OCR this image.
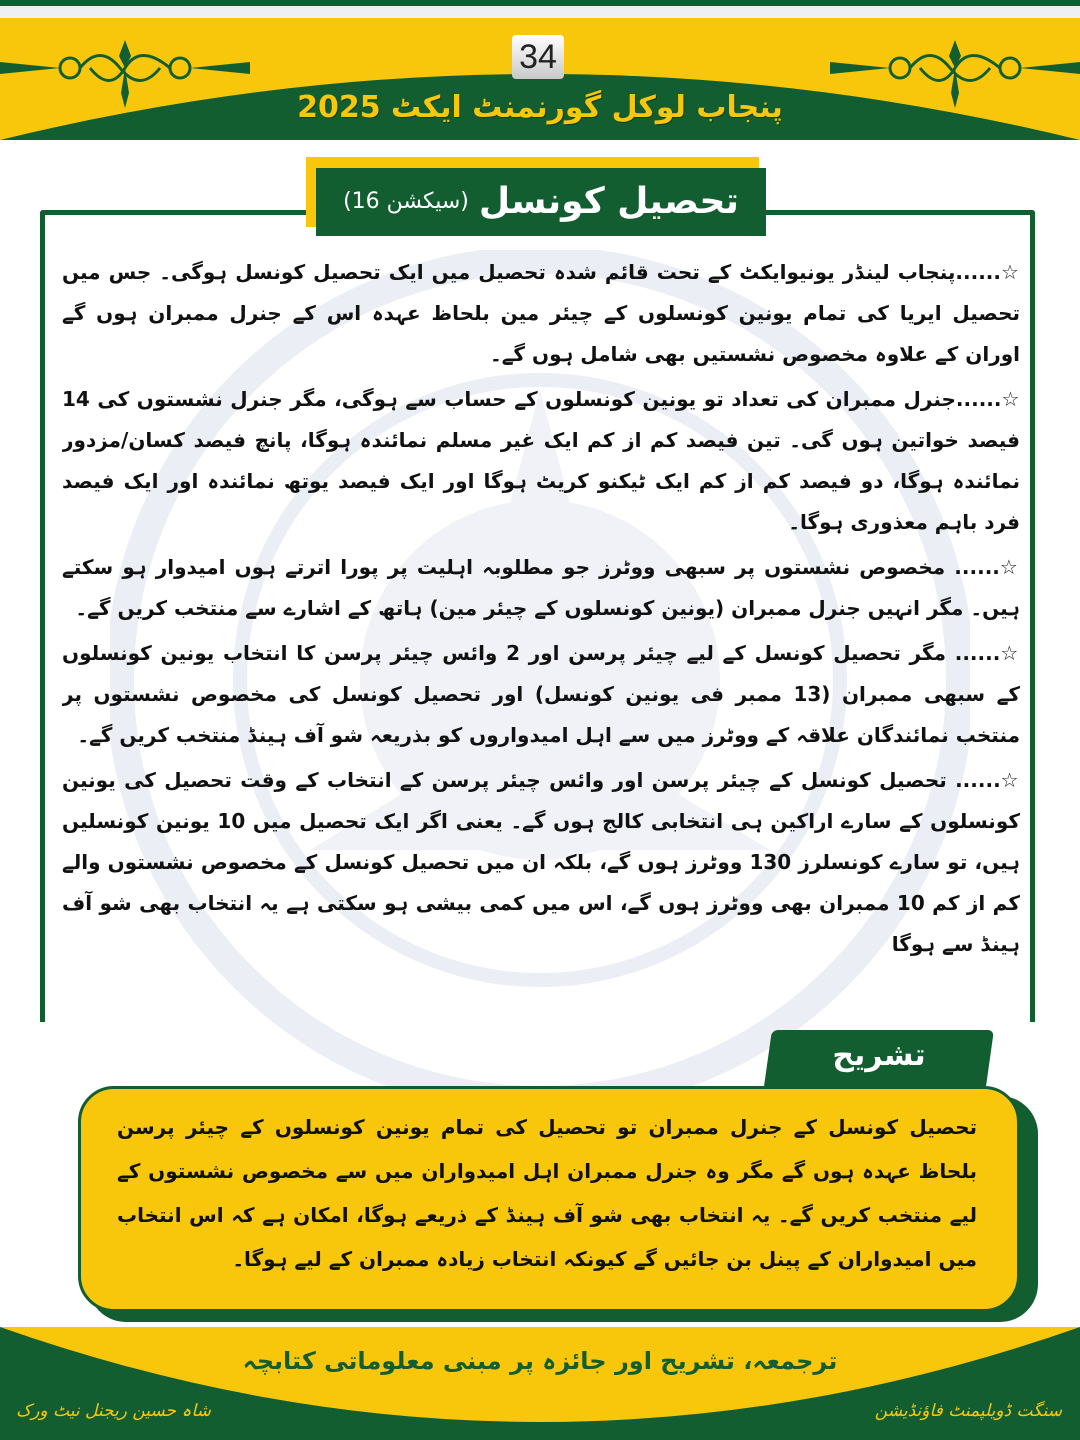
34
پنجاب لوکل گورنمنٹ ایکٹ 2025
تحصیل کونسل
(سیکشن 16)

☆......پنجاب لینڈر یونیوایکٹ کے تحت قائم شدہ تحصیل میں ایک تحصیل کونسل ہوگی۔ جس میں تحصیل ایریا کی تمام یونین کونسلوں کے چیئر مین بلحاظ عہدہ اس کے جنرل ممبران ہوں گے اوران کے علاوہ مخصوص نشستیں بھی شامل ہوں گے۔

☆......جنرل ممبران کی تعداد تو یونین کونسلوں کے حساب سے ہوگی، مگر جنرل نشستوں کی 14 فیصد خواتین ہوں گی۔ تین فیصد کم از کم ایک غیر مسلم نمائندہ ہوگا، پانچ فیصد کسان/مزدور نمائندہ ہوگا، دو فیصد کم از کم ایک ٹیکنو کریٹ ہوگا اور ایک فیصد یوتھ نمائندہ اور ایک فیصد فرد باہم معذوری ہوگا۔

☆...... مخصوص نشستوں پر سبھی ووٹرز جو مطلوبہ اہلیت پر پورا اترتے ہوں امیدوار ہو سکتے ہیں۔ مگر انہیں جنرل ممبران (یونین کونسلوں کے چیئر مین) ہاتھ کے اشارے سے منتخب کریں گے۔

☆...... مگر تحصیل کونسل کے لیے چیئر پرسن اور 2 وائس چیئر پرسن کا انتخاب یونین کونسلوں کے سبھی ممبران (13 ممبر فی یونین کونسل) اور تحصیل کونسل کی مخصوص نشستوں پر منتخب نمائندگان علاقہ کے ووٹرز میں سے اہل امیدواروں کو بذریعہ شو آف ہینڈ منتخب کریں گے۔

☆...... تحصیل کونسل کے چیئر پرسن اور وائس چیئر پرسن کے انتخاب کے وقت تحصیل کی یونین کونسلوں کے سارے اراکین ہی انتخابی کالج ہوں گے۔ یعنی اگر ایک تحصیل میں 10 یونین کونسلیں ہیں، تو سارے کونسلرز 130 ووٹرز ہوں گے، بلکہ ان میں تحصیل کونسل کے مخصوص نشستوں والے کم از کم 10 ممبران بھی ووٹرز ہوں گے، اس میں کمی بیشی ہو سکتی ہے یہ انتخاب بھی شو آف ہینڈ سے ہوگا

تشریح
تحصیل کونسل کے جنرل ممبران تو تحصیل کی تمام یونین کونسلوں کے چیئر پرسن بلحاظ عہدہ ہوں گے مگر وہ جنرل ممبران اہل امیدواران میں سے مخصوص نشستوں کے لیے منتخب کریں گے۔ یہ انتخاب بھی شو آف ہینڈ کے ذریعے ہوگا، امکان ہے کہ اس انتخاب میں امیدواران کے پینل بن جائیں گے کیونکہ انتخاب زیادہ ممبران کے لیے ہوگا۔
ترجمعہ، تشریح اور جائزہ پر مبنی معلوماتی کتابچہ
شاہ حسین ریجنل نیٹ ورک	سنگت ڈویلپمنٹ فاؤنڈیشن
